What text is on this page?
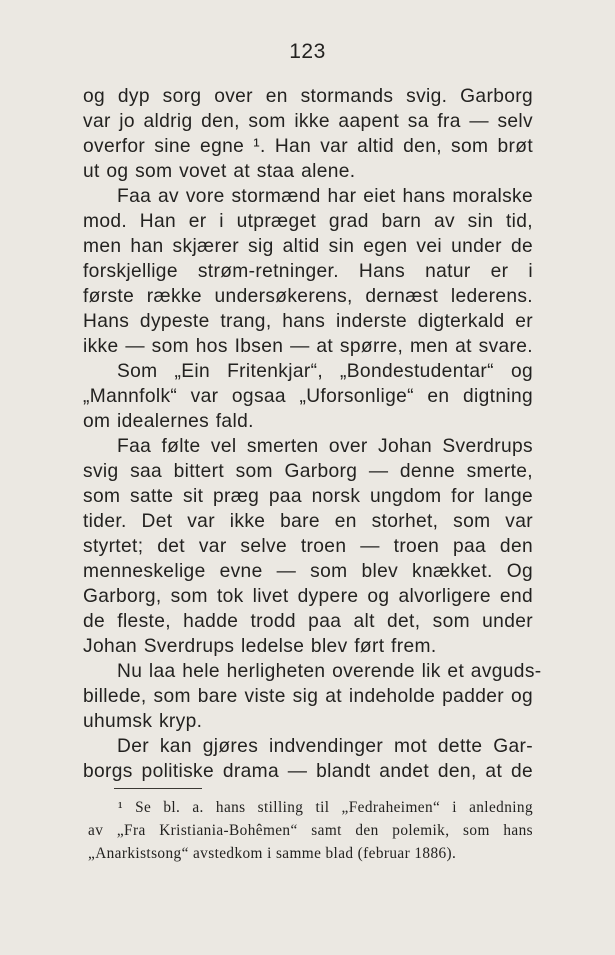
123
og dyp sorg over en stormands svig. Garborg
var jo aldrig den, som ikke aapent sa fra — selv
overfor sine egne ¹. Han var altid den, som brøt
ut og som vovet at staa alene.
Faa av vore stormænd har eiet hans moralske
mod. Han er i utpræget grad barn av sin tid,
men han skjærer sig altid sin egen vei under de
forskjellige strøm-retninger. Hans natur er i
første række undersøkerens, dernæst lederens.
Hans dypeste trang, hans inderste digterkald er
ikke — som hos Ibsen — at spørre, men at svare.
Som „Ein Fritenkjar“, „Bondestudentar“ og
„Mannfolk“ var ogsaa „Uforsonlige“ en digtning
om idealernes fald.
Faa følte vel smerten over Johan Sverdrups
svig saa bittert som Garborg — denne smerte,
som satte sit præg paa norsk ungdom for lange
tider. Det var ikke bare en storhet, som var
styrtet; det var selve troen — troen paa den
menneskelige evne — som blev knækket. Og
Garborg, som tok livet dypere og alvorligere end
de fleste, hadde trodd paa alt det, som under
Johan Sverdrups ledelse blev ført frem.
Nu laa hele herligheten overende lik et avguds-
billede, som bare viste sig at indeholde padder og
uhumsk kryp.
Der kan gjøres indvendinger mot dette Gar-
borgs politiske drama — blandt andet den, at de
¹ Se bl. a. hans stilling til „Fedraheimen“ i anledning
av „Fra Kristiania-Bohêmen“ samt den polemik, som hans
„Anarkistsong“ avstedkom i samme blad (februar 1886).
